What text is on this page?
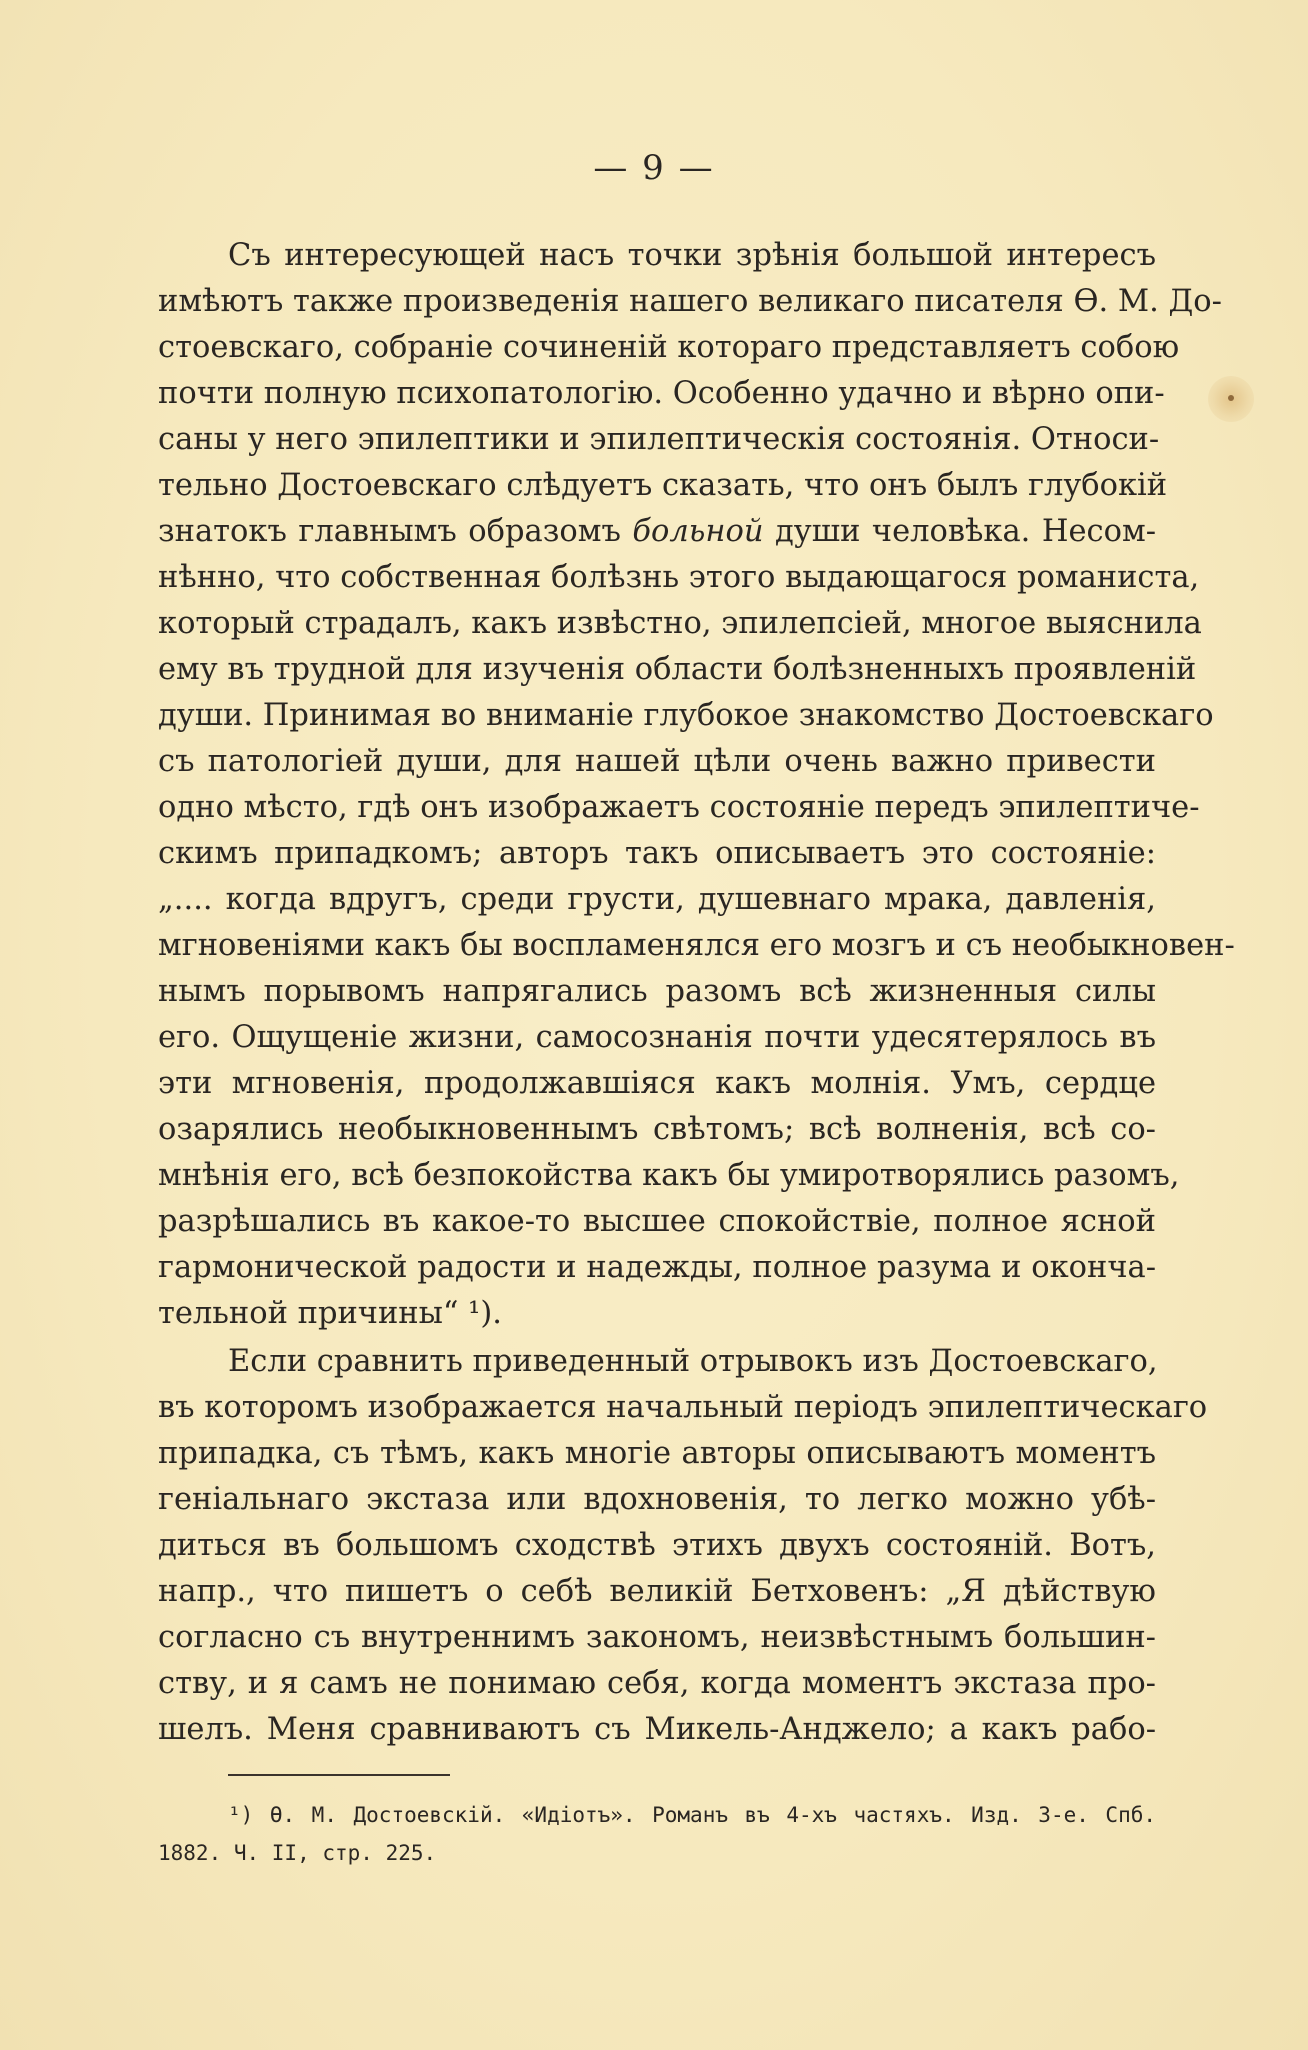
— 9 —
Съ интересующей насъ точки зрѣнія большой интересъ
имѣютъ также произведенія нашего великаго писателя Ѳ. М. До-
стоевскаго, собраніе сочиненій котораго представляетъ собою
почти полную психопатологію. Особенно удачно и вѣрно опи-
саны у него эпилептики и эпилептическія состоянія. Относи-
тельно Достоевскаго слѣдуетъ сказать, что онъ былъ глубокій
знатокъ главнымъ образомъ больной души человѣка. Несом-
нѣнно, что собственная болѣзнь этого выдающагося романиста,
который страдалъ, какъ извѣстно, эпилепсіей, многое выяснила
ему въ трудной для изученія области болѣзненныхъ проявленій
души. Принимая во вниманіе глубокое знакомство Достоевскаго
съ патологіей души, для нашей цѣли очень важно привести
одно мѣсто, гдѣ онъ изображаетъ состояніе передъ эпилептиче-
скимъ припадкомъ; авторъ такъ описываетъ это состояніе:
„.... когда вдругъ, среди грусти, душевнаго мрака, давленія,
мгновеніями какъ бы воспламенялся его мозгъ и съ необыкновен-
нымъ порывомъ напрягались разомъ всѣ жизненныя силы
его. Ощущеніе жизни, самосознанія почти удесятерялось въ
эти мгновенія, продолжавшіяся какъ молнія. Умъ, сердце
озарялись необыкновеннымъ свѣтомъ; всѣ волненія, всѣ со-
мнѣнія его, всѣ безпокойства какъ бы умиротворялись разомъ,
разрѣшались въ какое-то высшее спокойствіе, полное ясной
гармонической радости и надежды, полное разума и оконча-
тельной причины“ ¹).
Если сравнить приведенный отрывокъ изъ Достоевскаго,
въ которомъ изображается начальный періодъ эпилептическаго
припадка, съ тѣмъ, какъ многіе авторы описываютъ моментъ
геніальнаго экстаза или вдохновенія, то легко можно убѣ-
диться въ большомъ сходствѣ этихъ двухъ состояній. Вотъ,
напр., что пишетъ о себѣ великій Бетховенъ: „Я дѣйствую
согласно съ внутреннимъ закономъ, неизвѣстнымъ большин-
ству, и я самъ не понимаю себя, когда моментъ экстаза про-
шелъ. Меня сравниваютъ съ Микель-Анджело; а какъ рабо-
¹) Ѳ. М. Достоевскій. «Идіотъ». Романъ въ 4-хъ частяхъ. Изд. 3-е. Спб.
1882. Ч. II, стр. 225.
